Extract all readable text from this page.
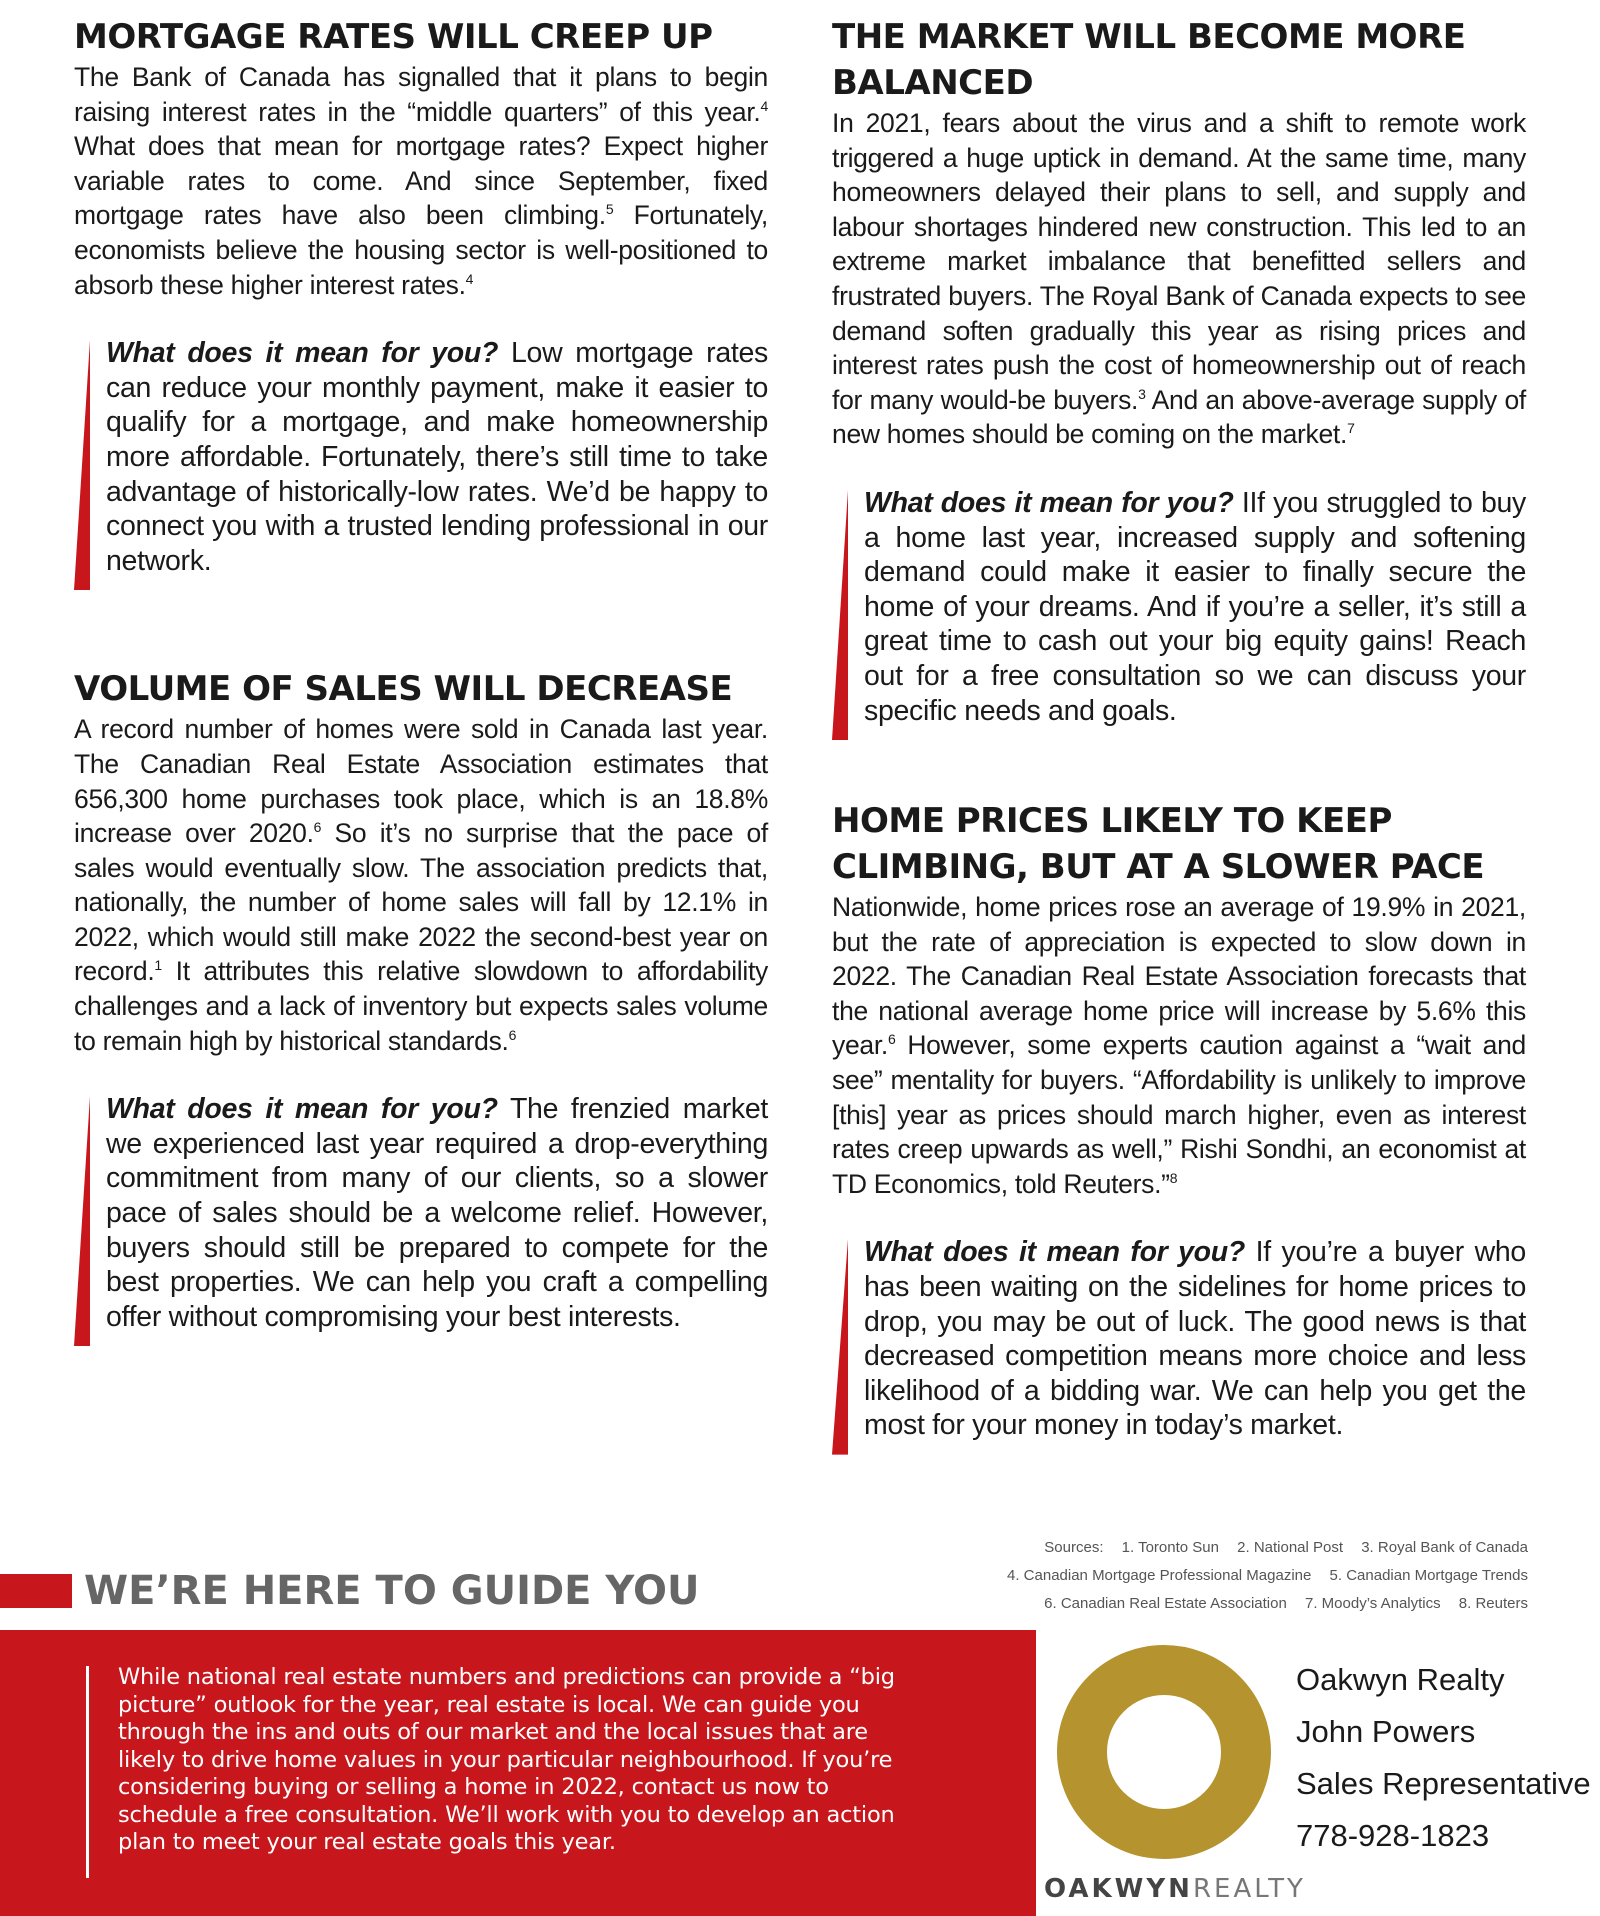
MORTGAGE RATES WILL CREEP UP

The Bank of Canada has signalled that it plans to begin raising interest rates in the “middle quarters” of this year.$^4$ What does that mean for mortgage rates? Expect higher variable rates to come. And since September, fixed mortgage rates have also been climbing.$^5$ Fortunately, economists believe the housing sector is well-positioned to absorb these higher interest rates.$^4$

What does it mean for you? Low mortgage rates can reduce your monthly payment, make it easier to qualify for a mortgage, and make homeownership more affordable. Fortunately, there’s still time to take advantage of historically-low rates. We’d be happy to connect you with a trusted lending professional in our network.
VOLUME OF SALES WILL DECREASE

A record number of homes were sold in Canada last year. The Canadian Real Estate Association estimates that 656,300 home purchases took place, which is an 18.8% increase over 2020.$^6$ So it’s no surprise that the pace of sales would eventually slow. The association predicts that, nationally, the number of home sales will fall by 12.1% in 2022, which would still make 2022 the second-best year on record.$^1$ It attributes this relative slowdown to affordability challenges and a lack of inventory but expects sales volume to remain high by historical standards.$^6$

What does it mean for you? The frenzied market we experienced last year required a drop-everything commitment from many of our clients, so a slower pace of sales should be a welcome relief. However, buyers should still be prepared to compete for the best properties. We can help you craft a compelling offer without compromising your best interests.
THE MARKET WILL BECOME MORE BALANCED

In 2021, fears about the virus and a shift to remote work triggered a huge uptick in demand. At the same time, many homeowners delayed their plans to sell, and supply and labour shortages hindered new construction. This led to an extreme market imbalance that benefitted sellers and frustrated buyers. The Royal Bank of Canada expects to see demand soften gradually this year as rising prices and interest rates push the cost of homeownership out of reach for many would-be buyers.$^3$ And an above-average supply of new homes should be coming on the market.$^7$

What does it mean for you? IIf you struggled to buy a home last year, increased supply and softening demand could make it easier to finally secure the home of your dreams. And if you’re a seller, it’s still a great time to cash out your big equity gains! Reach out for a free consultation so we can discuss your specific needs and goals.
HOME PRICES LIKELY TO KEEP CLIMBING, BUT AT A SLOWER PACE

Nationwide, home prices rose an average of 19.9% in 2021, but the rate of appreciation is expected to slow down in 2022. The Canadian Real Estate Association forecasts that the national average home price will increase by 5.6% this year.$^6$ However, some experts caution against a “wait and see” mentality for buyers. “Affordability is unlikely to improve [this] year as prices should march higher, even as interest rates creep upwards as well,” Rishi Sondhi, an economist at TD Economics, told Reuters.”$^8$

What does it mean for you? If you’re a buyer who has been waiting on the sidelines for home prices to drop, you may be out of luck. The good news is that decreased competition means more choice and less likelihood of a bidding war. We can help you get the most for your money in today’s market.
Sources: 1. Toronto Sun 2. National Post 3. Royal Bank of Canada
4. Canadian Mortgage Professional Magazine 5. Canadian Mortgage Trends
6. Canadian Real Estate Association 7. Moody’s Analytics 8. Reuters
WE’RE HERE TO GUIDE YOU

While national real estate numbers and predictions can provide a “big picture” outlook for the year, real estate is local. We can guide you through the ins and outs of our market and the local issues that are likely to drive home values in your particular neighbourhood. If you’re considering buying or selling a home in 2022, contact us now to schedule a free consultation. We’ll work with you to develop an action plan to meet your real estate goals this year.

OAKWYNREALTY
Oakwyn Realty
John Powers
Sales Representative
778-928-1823
